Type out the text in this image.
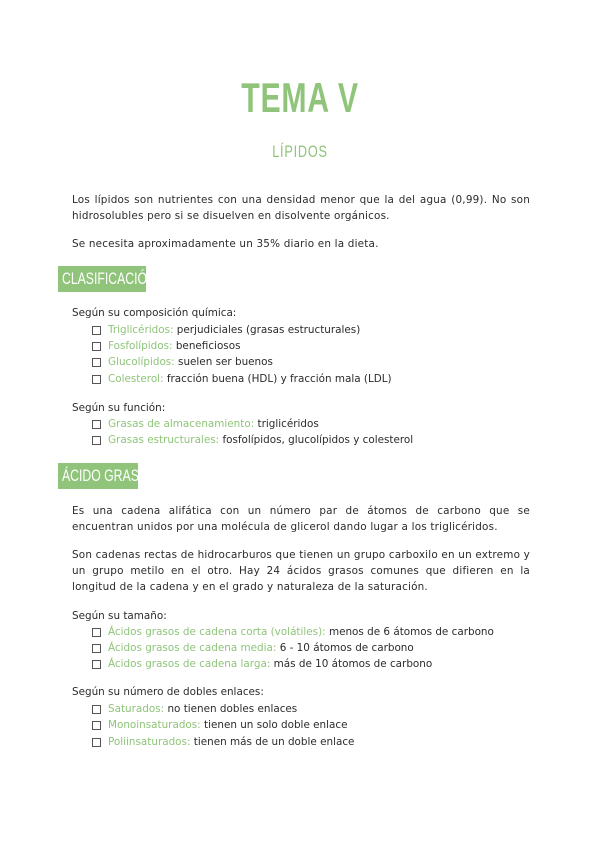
TEMA V
LÍPIDOS
Los lípidos son nutrientes con una densidad menor que la del agua (0,99). No son hidrosolubles pero si se disuelven en disolvente orgánicos.
Se necesita aproximadamente un 35% diario en la dieta.
CLASIFICACIÓN
Según su composición química:
Triglicéridos:
perjudiciales (grasas estructurales)
Fosfolípidos:
beneficiosos
Glucolípidos:
suelen ser buenos
Colesterol:
fracción buena (HDL) y fracción mala (LDL)
Según su función:
Grasas de almacenamiento:
triglicéridos
Grasas estructurales:
fosfolípidos, glucolípidos y colesterol
ÁCIDO GRASO
Es una cadena alifática con un número par de átomos de carbono que se encuentran unidos por una molécula de glicerol dando lugar a los triglicéridos.
Son cadenas rectas de hidrocarburos que tienen un grupo carboxilo en un extremo y un grupo metilo en el otro. Hay 24 ácidos grasos comunes que difieren en la longitud de la cadena y en el grado y naturaleza de la saturación.
Según su tamaño:
Ácidos grasos de cadena corta (volátiles):
menos de 6 átomos de carbono
Ácidos grasos de cadena media:
6 - 10 átomos de carbono
Ácidos grasos de cadena larga:
más de 10 átomos de carbono
Según su número de dobles enlaces:
Saturados:
no tienen dobles enlaces
Monoinsaturados:
tienen un solo doble enlace
Poliinsaturados:
tienen más de un doble enlace
